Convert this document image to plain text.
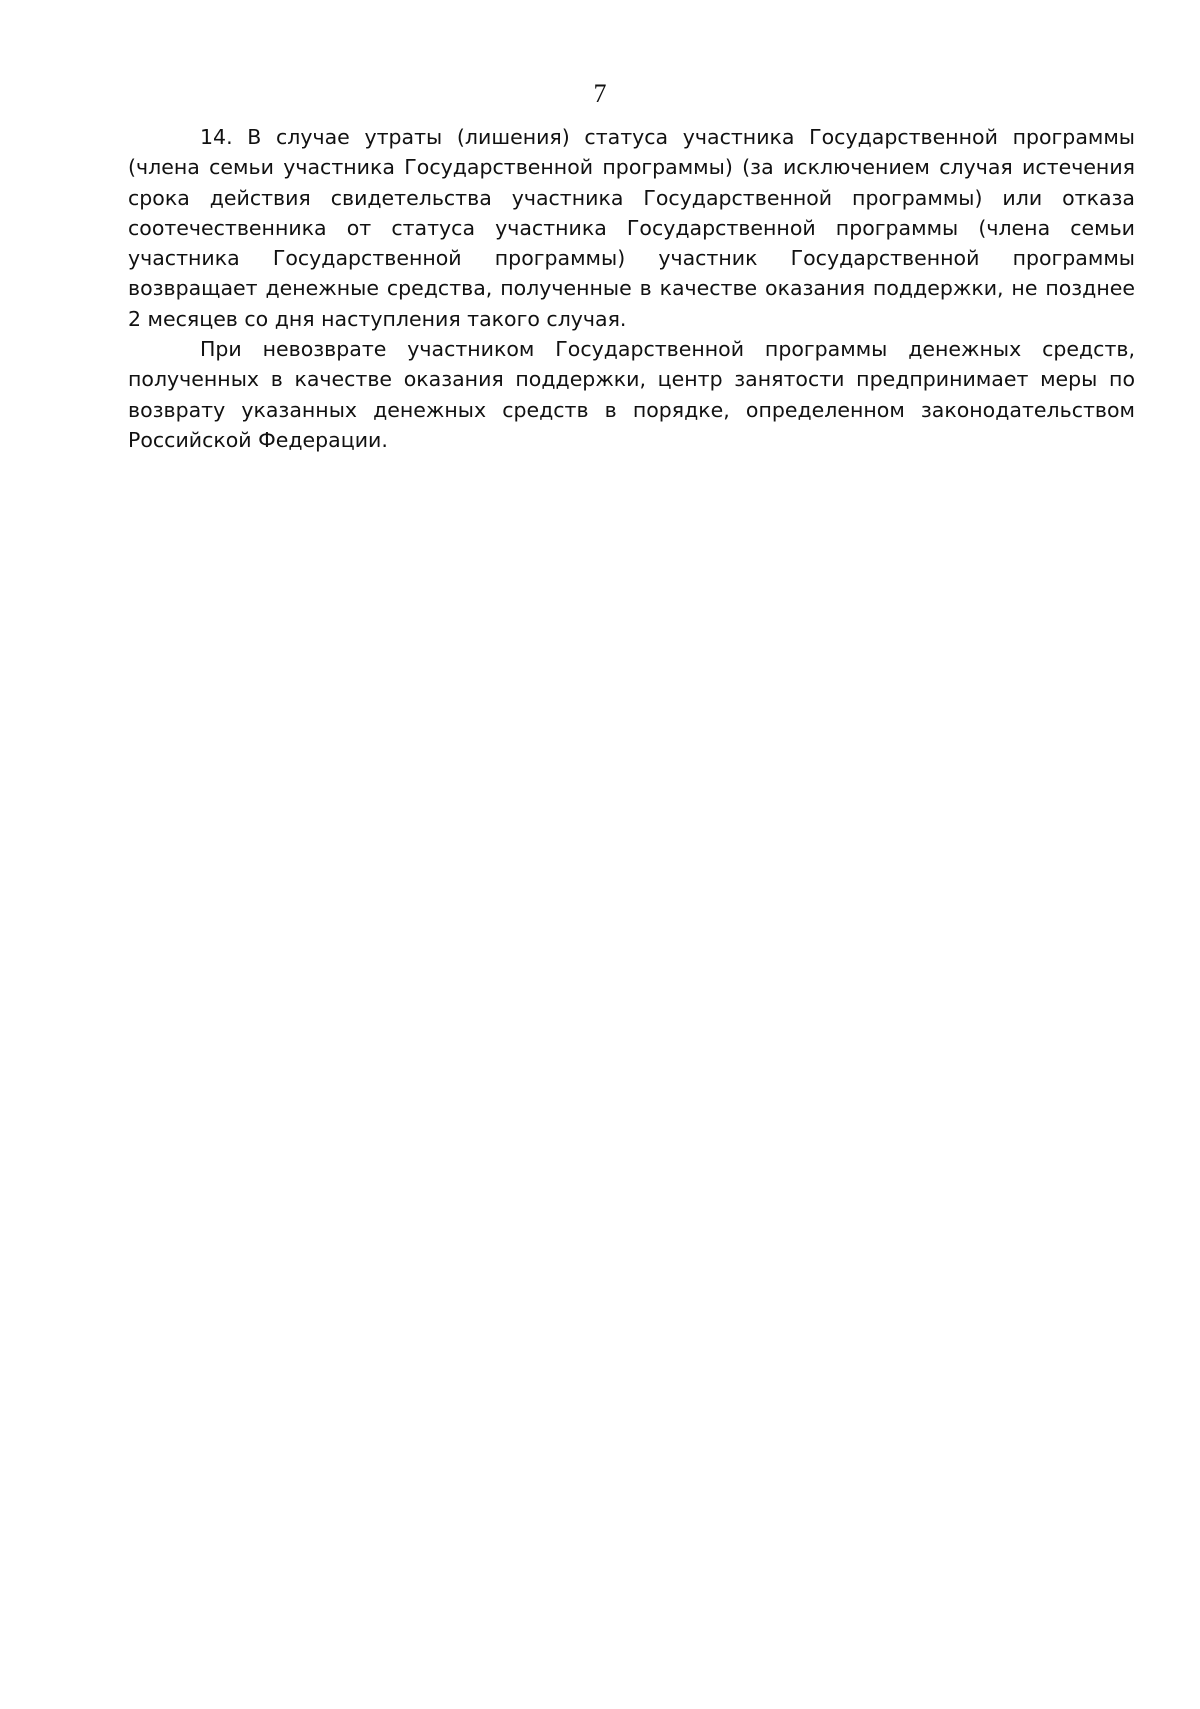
7

14. В случае утраты (лишения) статуса участника Государственной программы (члена семьи участника Государственной программы) (за исключением случая истечения срока действия свидетельства участника Государственной программы) или отказа соотечественника от статуса участника Государственной программы (члена семьи участника Государственной программы) участник Государственной программы возвращает денежные средства, полученные в качестве оказания поддержки, не позднее 2 месяцев со дня наступления такого случая.

При невозврате участником Государственной программы денежных средств, полученных в качестве оказания поддержки, центр занятости предпринимает меры по возврату указанных денежных средств в порядке, определенном законодательством Российской Федерации.
